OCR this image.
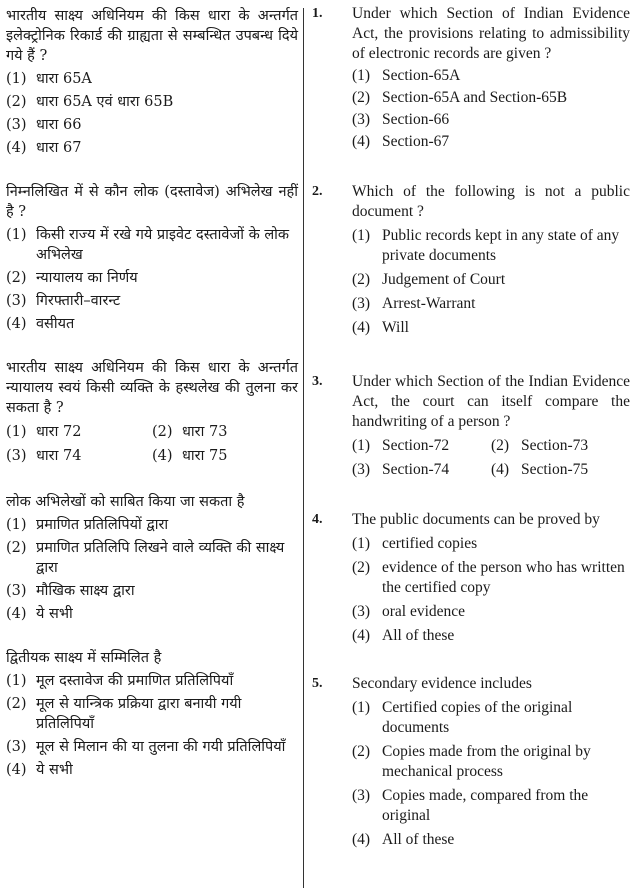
भारतीय साक्ष्य अधिनियम की किस धारा के अन्तर्गत इलेक्ट्रोनिक रिकार्ड की ग्राह्यता से सम्बन्धित उपबन्ध दिये गये हैं ?
(1) धारा 65A
(2) धारा 65A एवं धारा 65B
(3) धारा 66
(4) धारा 67
निम्नलिखित में से कौन लोक (दस्तावेज) अभिलेख नहीं है ?
(1) किसी राज्य में रखे गये प्राइवेट दस्तावेजों के लोक अभिलेख
(2) न्यायालय का निर्णय
(3) गिरफ्तारी–वारन्ट
(4) वसीयत
भारतीय साक्ष्य अधिनियम की किस धारा के अन्तर्गत न्यायालय स्वयं किसी व्यक्ति के हस्थलेख की तुलना कर सकता है ?
(1) धारा 72	(2) धारा 73
(3) धारा 74	(4) धारा 75
लोक अभिलेखों को साबित किया जा सकता है
(1) प्रमाणित प्रतिलिपियों द्वारा
(2) प्रमाणित प्रतिलिपि लिखने वाले व्यक्ति की साक्ष्य द्वारा
(3) मौखिक साक्ष्य द्वारा
(4) ये सभी
द्वितीयक साक्ष्य में सम्मिलित है
(1) मूल दस्तावेज की प्रमाणित प्रतिलिपियाँ
(2) मूल से यान्त्रिक प्रक्रिया द्वारा बनायी गयी प्रतिलिपियाँ
(3) मूल से मिलान की या तुलना की गयी प्रतिलिपियाँ
(4) ये सभी
1.	Under which Section of Indian Evidence Act, the provisions relating to admissibility of electronic records are given ?
(1) Section-65A
(2) Section-65A and Section-65B
(3) Section-66
(4) Section-67
2.	Which of the following is not a public document ?
(1) Public records kept in any state of any private documents
(2) Judgement of Court
(3) Arrest-Warrant
(4) Will
3.	Under which Section of the Indian Evidence Act, the court can itself compare the handwriting of a person ?
(1) Section-72	(2) Section-73
(3) Section-74	(4) Section-75
4.	The public documents can be proved by
(1) certified copies
(2) evidence of the person who has written the certified copy
(3) oral evidence
(4) All of these
5.	Secondary evidence includes
(1) Certified copies of the original documents
(2) Copies made from the original by mechanical process
(3) Copies made, compared from the original
(4) All of these
